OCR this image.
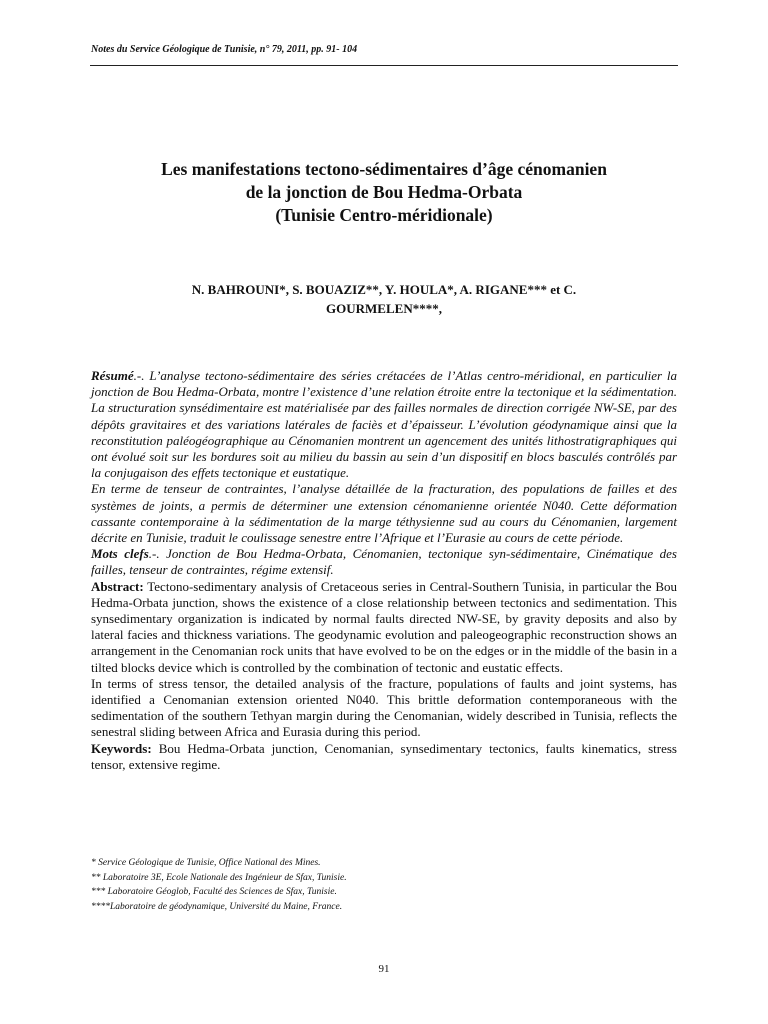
Notes du Service Géologique de Tunisie, n° 79, 2011, pp. 91- 104
Les manifestations tectono-sédimentaires d’âge cénomanien
de la jonction de Bou Hedma-Orbata
(Tunisie Centro-méridionale)
N. BAHROUNI*, S. BOUAZIZ**, Y. HOULA*, A. RIGANE*** et C.
GOURMELEN****,

Résumé.-. L’analyse tectono-sédimentaire des séries crétacées de l’Atlas centro-méridional, en particulier la jonction de Bou Hedma-Orbata, montre l’existence d’une relation étroite entre la tectonique et la sédimentation. La structuration synsédimentaire est matérialisée par des failles normales de direction corrigée NW-SE, par des dépôts gravitaires et des variations latérales de faciès et d’épaisseur. L’évolution géodynamique ainsi que la reconstitution paléogéographique au Cénomanien montrent un agencement des unités lithostratigraphiques qui ont évolué soit sur les bordures soit au milieu du bassin au sein d’un dispositif en blocs basculés contrôlés par la conjugaison des effets tectonique et eustatique.

En terme de tenseur de contraintes, l’analyse détaillée de la fracturation, des populations de failles et des systèmes de joints, a permis de déterminer une extension cénomanienne orientée N040. Cette déformation cassante contemporaine à la sédimentation de la marge téthysienne sud au cours du Cénomanien, largement décrite en Tunisie, traduit le coulissage senestre entre l’Afrique et l’Eurasie au cours de cette période.

Mots clefs.-. Jonction de Bou Hedma-Orbata, Cénomanien, tectonique syn-sédimentaire, Cinématique des failles, tenseur de contraintes, régime extensif.

Abstract: Tectono-sedimentary analysis of Cretaceous series in Central-Southern Tunisia, in particular the Bou Hedma-Orbata junction, shows the existence of a close relationship between tectonics and sedimentation. This synsedimentary organization is indicated by normal faults directed NW-SE, by gravity deposits and also by lateral facies and thickness variations. The geodynamic evolution and paleogeographic reconstruction shows an arrangement in the Cenomanian rock units that have evolved to be on the edges or in the middle of the basin in a tilted blocks device which is controlled by the combination of tectonic and eustatic effects.

In terms of stress tensor, the detailed analysis of the fracture, populations of faults and joint systems, has identified a Cenomanian extension oriented N040. This brittle deformation contemporaneous with the sedimentation of the southern Tethyan margin during the Cenomanian, widely described in Tunisia, reflects the senestral sliding between Africa and Eurasia during this period.

Keywords: Bou Hedma-Orbata junction, Cenomanian, synsedimentary tectonics, faults kinematics, stress tensor, extensive regime.

* Service Géologique de Tunisie, Office National des Mines.
** Laboratoire 3E, Ecole Nationale des Ingénieur de Sfax, Tunisie.
*** Laboratoire Géoglob, Faculté des Sciences de Sfax, Tunisie.
****Laboratoire de géodynamique, Université du Maine, France.
91
